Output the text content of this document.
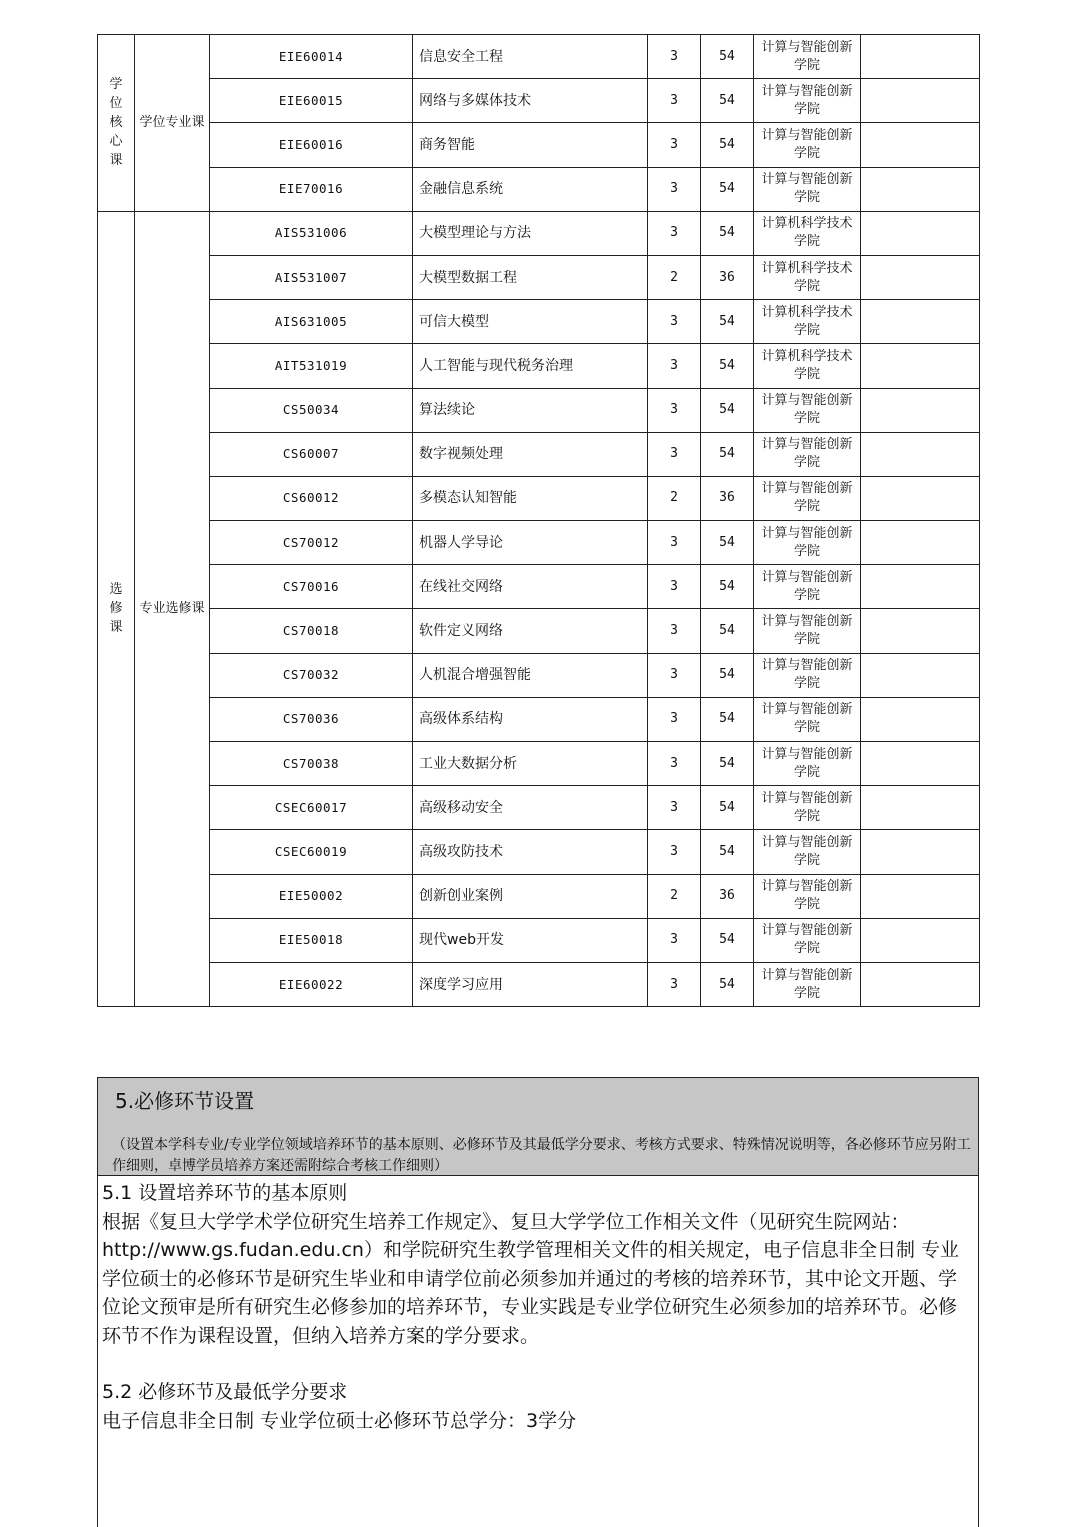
学位核心课	学位专业课	EIE60014	信息安全工程	3	54	计算与智能创新学院	
		EIE60015	网络与多媒体技术	3	54	计算与智能创新学院	
		EIE60016	商务智能	3	54	计算与智能创新学院	
		EIE70016	金融信息系统	3	54	计算与智能创新学院	
选修课	专业选修课	AIS531006	大模型理论与方法	3	54	计算机科学技术学院	
		AIS531007	大模型数据工程	2	36	计算机科学技术学院	
		AIS631005	可信大模型	3	54	计算机科学技术学院	
		AIT531019	人工智能与现代税务治理	3	54	计算机科学技术学院	
		CS50034	算法续论	3	54	计算与智能创新学院	
		CS60007	数字视频处理	3	54	计算与智能创新学院	
		CS60012	多模态认知智能	2	36	计算与智能创新学院	
		CS70012	机器人学导论	3	54	计算与智能创新学院	
		CS70016	在线社交网络	3	54	计算与智能创新学院	
		CS70018	软件定义网络	3	54	计算与智能创新学院	
		CS70032	人机混合增强智能	3	54	计算与智能创新学院	
		CS70036	高级体系结构	3	54	计算与智能创新学院	
		CS70038	工业大数据分析	3	54	计算与智能创新学院	
		CSEC60017	高级移动安全	3	54	计算与智能创新学院	
		CSEC60019	高级攻防技术	3	54	计算与智能创新学院	
		EIE50002	创新创业案例	2	36	计算与智能创新学院	
		EIE50018	现代web开发	3	54	计算与智能创新学院	
		EIE60022	深度学习应用	3	54	计算与智能创新学院	
5.必修环节设置
（设置本学科专业/专业学位领域培养环节的基本原则、必修环节及其最低学分要求、考核方式要求、特殊情况说明等，各必修环节应另附工作细则，卓博学员培养方案还需附综合考核工作细则）

5.1 设置培养环节的基本原则

根据《复旦大学学术学位研究生培养工作规定》、复旦大学学位工作相关文件（见研究生院网站：http://www.gs.fudan.edu.cn）和学院研究生教学管理相关文件的相关规定，电子信息非全日制 专业学位硕士的必修环节是研究生毕业和申请学位前必须参加并通过的考核的培养环节，其中论文开题、学位论文预审是所有研究生必修参加的培养环节，专业实践是专业学位研究生必须参加的培养环节。必修环节不作为课程设置，但纳入培养方案的学分要求。

5.2 必修环节及最低学分要求

电子信息非全日制 专业学位硕士必修环节总学分：3学分
